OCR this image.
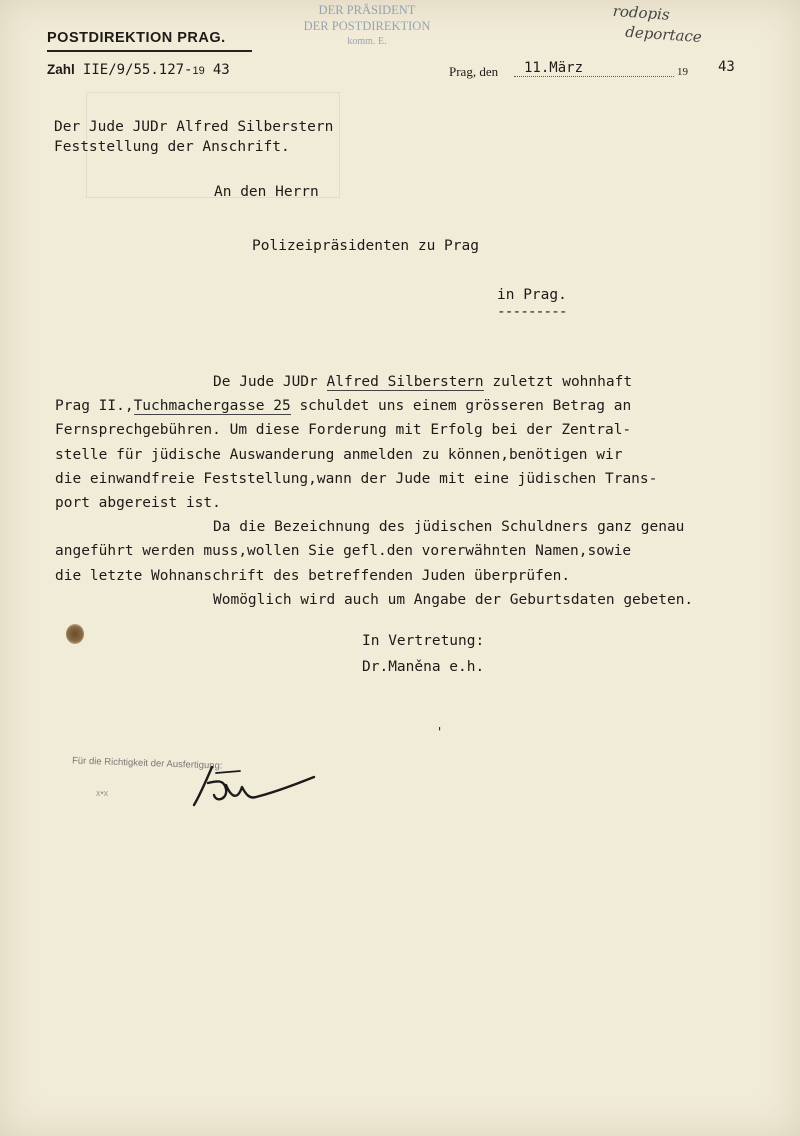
POSTDIREKTION PRAG.
DER PRÄSIDENT
DER POSTDIREKTION
komm. E.
rodopis
deportace
Zahl IIE/9/55.127-19 43	Prag, den 11.März	19 43
Der Jude JUDr Alfred Silberstern
Feststellung der Anschrift.
An den Herrn
Polizeipräsidenten zu Prag
in Prag.
---------
De Jude JUDr Alfred Silberstern zuletzt wohnhaft
Prag II.,Tuchmachergasse 25 schuldet uns einem grösseren Betrag an
Fernsprechgebühren. Um diese Forderung mit Erfolg bei der Zentral-
stelle für jüdische Auswanderung anmelden zu können,benötigen wir
die einwandfreie Feststellung,wann der Jude mit eine jüdischen Trans-
port abgereist ist.
Da die Bezeichnung des jüdischen Schuldners ganz genau
angeführt werden muss,wollen Sie gefl.den vorerwähnten Namen,sowie
die letzte Wohnanschrift des betreffenden Juden überprüfen.
Womöglich wird auch um Angabe der Geburtsdaten gebeten.
In Vertretung:
Dr.Maněna e.h.
'
Für die Richtigkeit der Ausfertigung:
x•x
